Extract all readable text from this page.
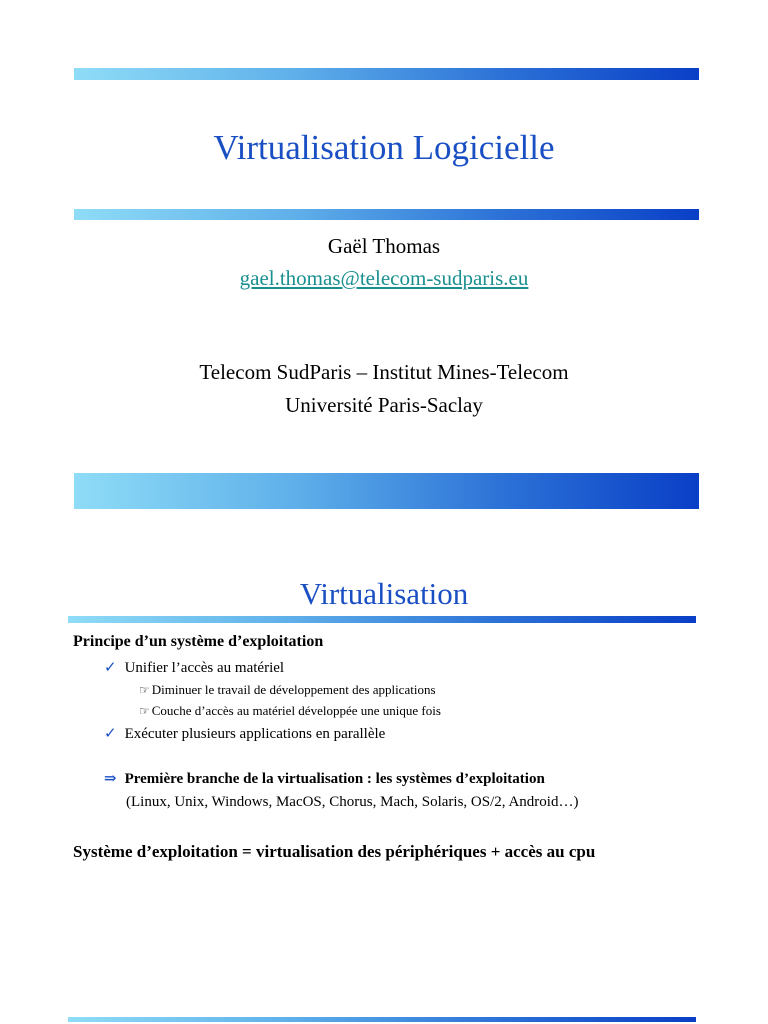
Virtualisation Logicielle
Gaël Thomas
gael.thomas@telecom-sudparis.eu
Telecom SudParis – Institut Mines-Telecom
Université Paris-Saclay
Virtualisation
Principe d’un système d’exploitation
✓ Unifier l’accès au matériel
☞ Diminuer le travail de développement des applications
☞ Couche d’accès au matériel développée une unique fois
✓ Exécuter plusieurs applications en parallèle
⇒ Première branche de la virtualisation : les systèmes d’exploitation
(Linux, Unix, Windows, MacOS, Chorus, Mach, Solaris, OS/2, Android…)
Système d’exploitation = virtualisation des périphériques + accès au cpu
